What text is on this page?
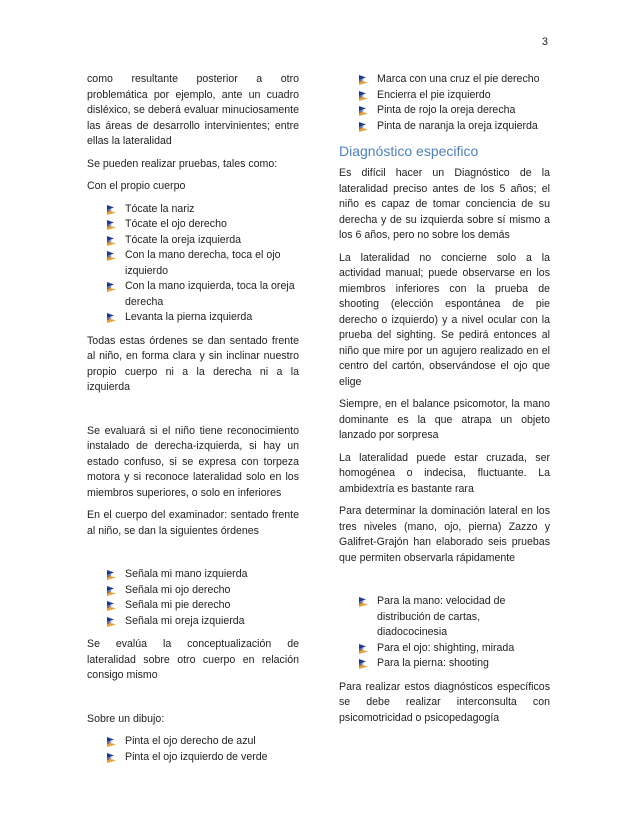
3

como resultante posterior a otro problemática por ejemplo, ante un cuadro disléxico, se deberá evaluar minuciosamente las áreas de desarrollo intervinientes; entre ellas la lateralidad

Se pueden realizar pruebas, tales como:

Con el propio cuerpo

Tócate la nariz
Tócate el ojo derecho
Tócate la oreja izquierda
Con la mano derecha, toca el ojo izquierdo
Con la mano izquierda, toca la oreja derecha
Levanta la pierna izquierda

Todas estas órdenes se dan sentado frente al niño, en forma clara y sin inclinar nuestro propio cuerpo ni a la derecha ni a la izquierda

Se evaluará si el niño tiene reconocimiento instalado de derecha-izquierda, si hay un estado confuso, si se expresa con torpeza motora y si reconoce lateralidad solo en los miembros superiores, o solo en inferiores

En el cuerpo del examinador: sentado frente al niño, se dan la siguientes órdenes

Señala mi mano izquierda
Señala mi ojo derecho
Señala mi pie derecho
Señala mi oreja izquierda

Se evalúa la conceptualización de lateralidad sobre otro cuerpo en relación consigo mismo

Sobre un dibujo:

Pinta el ojo derecho de azul
Pinta el ojo izquierdo de verde
Marca con una cruz el pie derecho
Encierra el pie izquierdo
Pinta de rojo la oreja derecha
Pinta de naranja la oreja izquierda
Diagnóstico especifico

Es difícil hacer un Diagnóstico de la lateralidad preciso antes de los 5 años; el niño es capaz de tomar conciencia de su derecha y de su izquierda sobre sí mismo a los 6 años, pero no sobre los demás

La lateralidad no concierne solo a la actividad manual; puede observarse en los miembros inferiores con la prueba de shooting (elección espontánea de pie derecho o izquierdo) y a nivel ocular con la prueba del sighting. Se pedirá entonces al niño que mire por un agujero realizado en el centro del cartón, observándose el ojo que elige

Siempre, en el balance psicomotor, la mano dominante es la que atrapa un objeto lanzado por sorpresa

La lateralidad puede estar cruzada, ser homogénea o indecisa, fluctuante. La ambidextría es bastante rara

Para determinar la dominación lateral en los tres niveles (mano, ojo, pierna) Zazzo y Galifret-Grajón han elaborado seis pruebas que permiten observarla rápidamente

Para la mano: velocidad de distribución de cartas, diadococinesia
Para el ojo: shighting, mirada
Para la pierna: shooting

Para realizar estos diagnósticos específicos se debe realizar interconsulta con psicomotricidad o psicopedagogía
